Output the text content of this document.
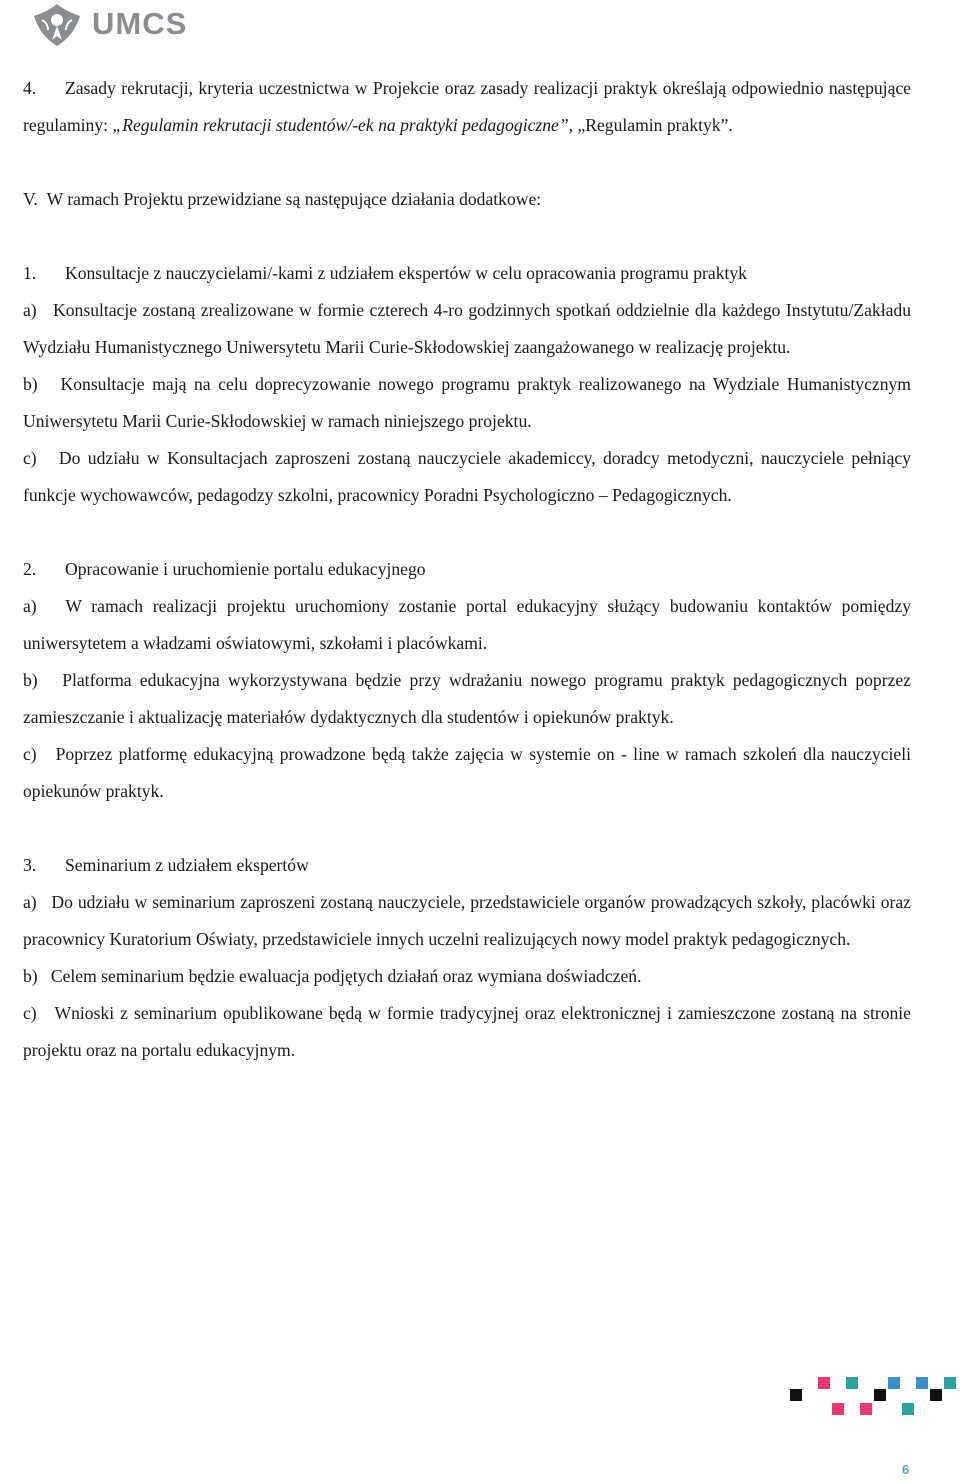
UMCS

4. Zasady rekrutacji, kryteria uczestnictwa w Projekcie oraz zasady realizacji praktyk określają odpowiednio następujące regulaminy: „Regulamin rekrutacji studentów/-ek na praktyki pedagogiczne”, „Regulamin praktyk”.

V. W ramach Projektu przewidziane są następujące działania dodatkowe:

1. Konsultacje z nauczycielami/-kami z udziałem ekspertów w celu opracowania programu praktyk

a)   Konsultacje zostaną zrealizowane w formie czterech 4-ro godzinnych spotkań oddzielnie dla każdego Instytutu/Zakładu Wydziału Humanistycznego Uniwersytetu Marii Curie-Skłodowskiej zaangażowanego w realizację projektu.

b)   Konsultacje mają na celu doprecyzowanie nowego programu praktyk realizowanego na Wydziale Humanistycznym Uniwersytetu Marii Curie-Skłodowskiej w ramach niniejszego projektu.

c)   Do udziału w Konsultacjach zaproszeni zostaną nauczyciele akademiccy, doradcy metodyczni, nauczyciele pełniący funkcje wychowawców, pedagodzy szkolni, pracownicy Poradni Psychologiczno – Pedagogicznych.

2. Opracowanie i uruchomienie portalu edukacyjnego

a)   W ramach realizacji projektu uruchomiony zostanie portal edukacyjny służący budowaniu kontaktów pomiędzy uniwersytetem a władzami oświatowymi, szkołami i placówkami.

b)   Platforma edukacyjna wykorzystywana będzie przy wdrażaniu nowego programu praktyk pedagogicznych poprzez zamieszczanie i aktualizację materiałów dydaktycznych dla studentów i opiekunów praktyk.

c)   Poprzez platformę edukacyjną prowadzone będą także zajęcia w systemie on - line w ramach szkoleń dla nauczycieli opiekunów praktyk.

3. Seminarium z udziałem ekspertów

a)   Do udziału w seminarium zaproszeni zostaną nauczyciele, przedstawiciele organów prowadzących szkoły, placówki oraz pracownicy Kuratorium Oświaty, przedstawiciele innych uczelni realizujących nowy model praktyk pedagogicznych.

b)   Celem seminarium będzie ewaluacja podjętych działań oraz wymiana doświadczeń.

c)   Wnioski z seminarium opublikowane będą w formie tradycyjnej oraz elektronicznej i zamieszczone zostaną na stronie projektu oraz na portalu edukacyjnym.

6
